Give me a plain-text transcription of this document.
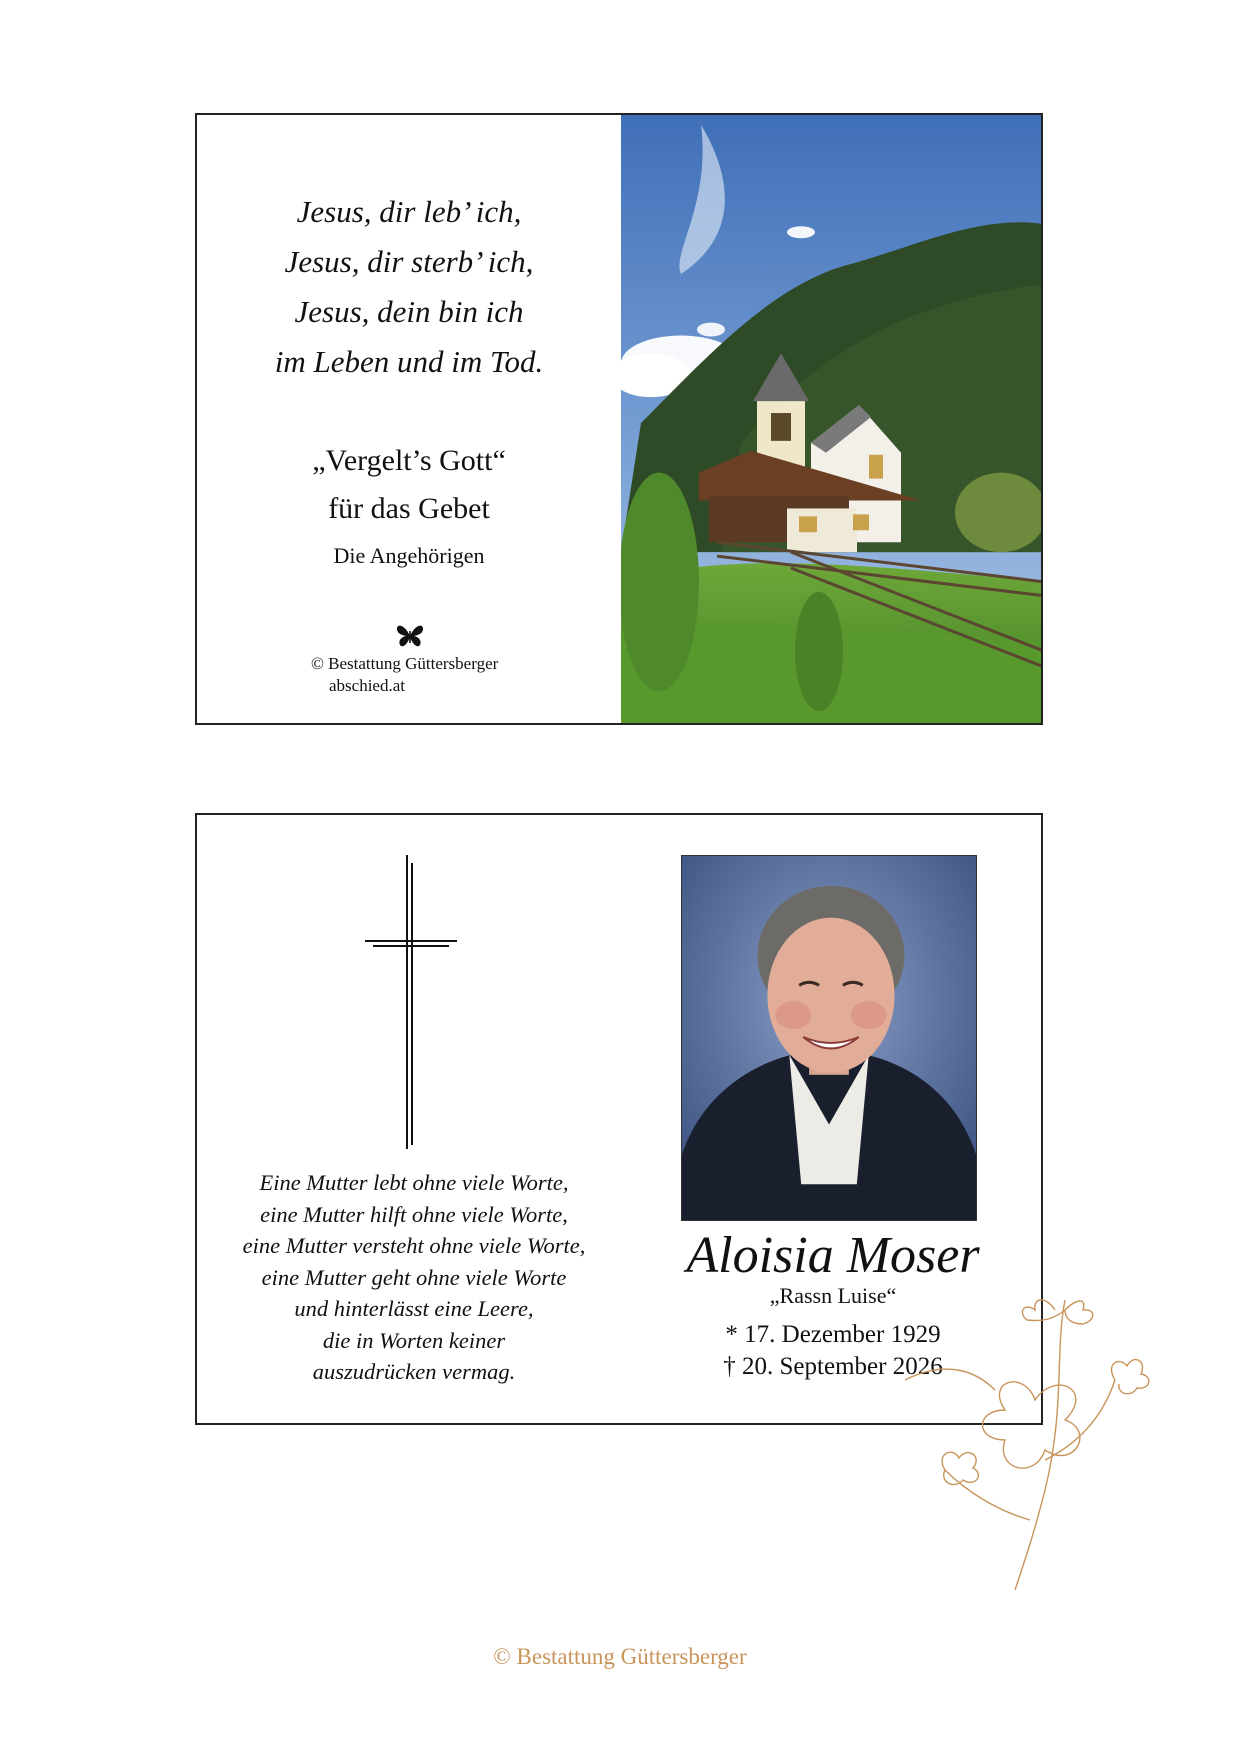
Jesus, dir leb’ ich,
Jesus, dir sterb’ ich,
Jesus, dein bin ich
im Leben und im Tod.
„Vergelt’s Gott“
für das Gebet
Die Angehörigen
© Bestattung Güttersberger
abschied.at
Eine Mutter lebt ohne viele Worte,
eine Mutter hilft ohne viele Worte,
eine Mutter versteht ohne viele Worte,
eine Mutter geht ohne viele Worte
und hinterlässt eine Leere,
die in Worten keiner
auszudrücken vermag.
Aloisia Moser
„Rassn Luise“
* 17. Dezember 1929
† 20. September 2026
© Bestattung Güttersberger
